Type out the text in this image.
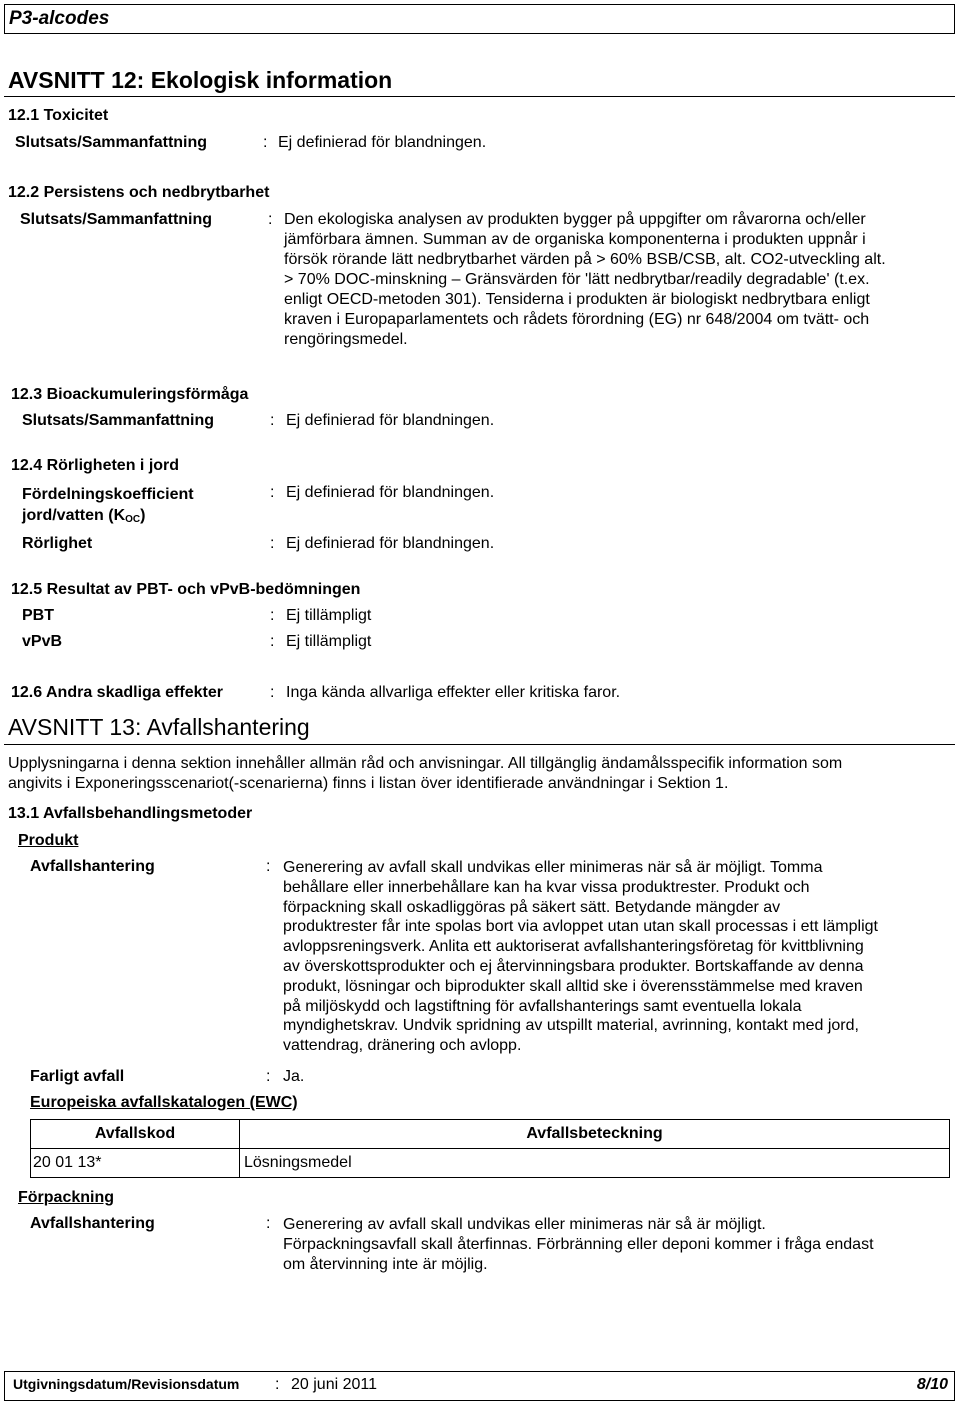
P3-alcodes
AVSNITT 12: Ekologisk information
12.1 Toxicitet
Slutsats/Sammanfattning	: Ej definierad för blandningen.
12.2 Persistens och nedbrytbarhet
Slutsats/Sammanfattning	: Den ekologiska analysen av produkten bygger på uppgifter om råvarorna och/eller
jämförbara ämnen. Summan av de organiska komponenterna i produkten uppnår i
försök rörande lätt nedbrytbarhet värden på > 60% BSB/CSB, alt. CO2-utveckling alt.
> 70% DOC-minskning – Gränsvärden för 'lätt nedbrytbar/readily degradable' (t.ex.
enligt OECD-metoden 301). Tensiderna i produkten är biologiskt nedbrytbara enligt
kraven i Europaparlamentets och rådets förordning (EG) nr 648/2004 om tvätt- och
rengöringsmedel.
12.3 Bioackumuleringsförmåga
Slutsats/Sammanfattning	: Ej definierad för blandningen.
12.4 Rörligheten i jord
Fördelningskoefficient
jord/vatten $(K_{OC})$
: Ej definierad för blandningen.
Rörlighet	: Ej definierad för blandningen.
12.5 Resultat av PBT- och vPvB-bedömningen
PBT	: Ej tillämpligt
vPvB	: Ej tillämpligt
12.6 Andra skadliga effekter	: Inga kända allvarliga effekter eller kritiska faror.
AVSNITT 13: Avfallshantering
Upplysningarna i denna sektion innehåller allmän råd och anvisningar. All tillgänglig ändamålsspecifik information som
angivits i Exponeringsscenariot(-scenarierna) finns i listan över identifierade användningar i Sektion 1.
13.1 Avfallsbehandlingsmetoder
Produkt
Avfallshantering	: Generering av avfall skall undvikas eller minimeras när så är möjligt. Tomma
behållare eller innerbehållare kan ha kvar vissa produktrester. Produkt och
förpackning skall oskadliggöras på säkert sätt. Betydande mängder av
produktrester får inte spolas bort via avloppet utan utan skall processas i ett lämpligt
avloppsreningsverk. Anlita ett auktoriserat avfallshanteringsföretag för kvittblivning
av överskottsprodukter och ej återvinningsbara produkter. Bortskaffande av denna
produkt, lösningar och biprodukter skall alltid ske i överensstämmelse med kraven
på miljöskydd och lagstiftning för avfallshanterings samt eventuella lokala
myndighetskrav. Undvik spridning av utspillt material, avrinning, kontakt med jord,
vattendrag, dränering och avlopp.
Farligt avfall	: Ja.
Europeiska avfallskatalogen (EWC)
Avfallskod	Avfallsbeteckning
20 01 13*	Lösningsmedel
Förpackning
Avfallshantering	: Generering av avfall skall undvikas eller minimeras när så är möjligt.
Förpackningsavfall skall återfinnas. Förbränning eller deponi kommer i fråga endast
om återvinning inte är möjlig.
Utgivningsdatum/Revisionsdatum : 20 juni 2011	8/10
